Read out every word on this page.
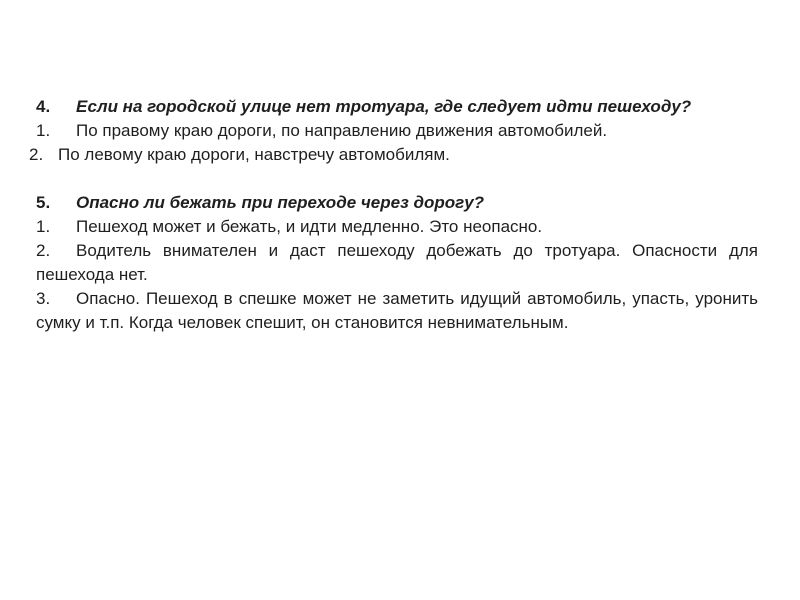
4. Если на городской улице нет тротуара, где следует идти пешеходу?
1. По правому краю дороги, по направлению движения автомобилей.
2. По левому краю дороги, навстречу автомобилям.
5. Опасно ли бежать при переходе через дорогу?
1. Пешеход может и бежать, и идти медленно. Это неопасно.
2. Водитель внимателен и даст пешеходу добежать до тротуара. Опасности для пешехода нет.
3. Опасно. Пешеход в спешке может не заметить идущий автомобиль, упасть, уронить сумку и т.п. Когда человек спешит, он становится невнимательным.
